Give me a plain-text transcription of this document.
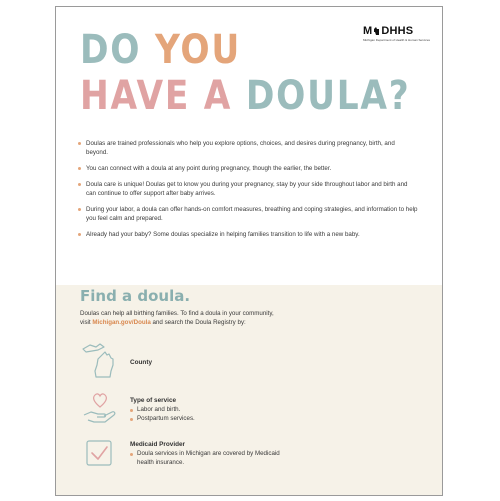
M DHHS
Michigan Department of Health & Human Services
DO YOU
HAVE A DOULA?
Doulas are trained professionals who help you explore options, choices, and desires during pregnancy, birth, and beyond.
You can connect with a doula at any point during pregnancy, though the earlier, the better.
Doula care is unique! Doulas get to know you during your pregnancy, stay by your side throughout labor and birth and can continue to offer support after baby arrives.
During your labor, a doula can offer hands-on comfort measures, breathing and coping strategies, and information to help you feel calm and prepared.
Already had your baby? Some doulas specialize in helping families transition to life with a new baby.
Find a doula.
Doulas can help all birthing families. To find a doula in your community,
visit Michigan.gov/Doula and search the Doula Registry by:

County

Type of service

Labor and birth.
Postpartum services.

Medicaid Provider

Doula services in Michigan are covered by Medicaid health insurance.
